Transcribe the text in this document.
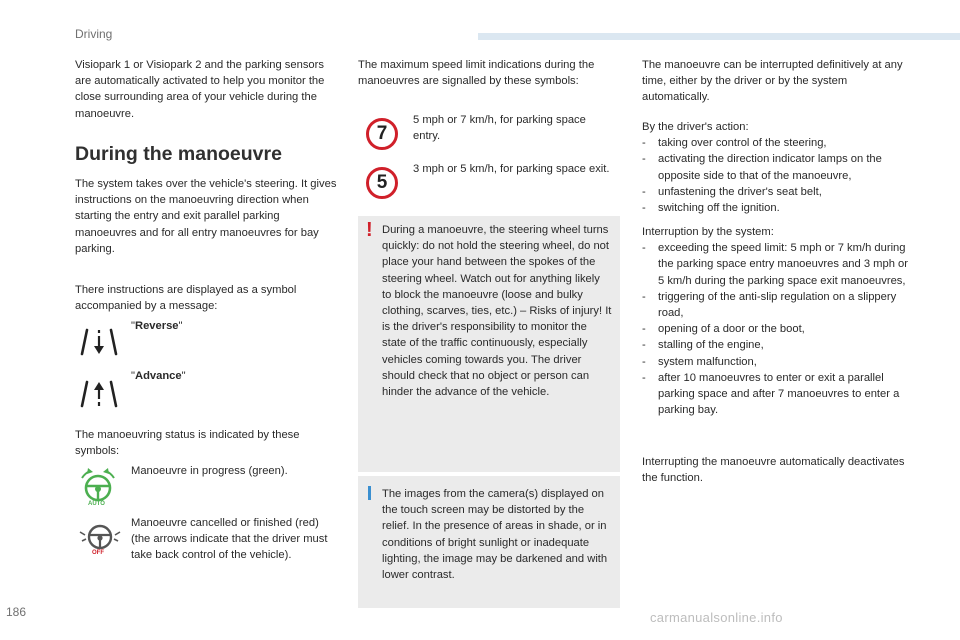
Driving

Visiopark 1 or Visiopark 2 and the parking sensors are automatically activated to help you monitor the close surrounding area of your vehicle during the manoeuvre.

During the manoeuvre

The system takes over the vehicle's steering. It gives instructions on the manoeuvring direction when starting the entry and exit parallel parking manoeuvres and for all entry manoeuvres for bay parking.

There instructions are displayed as a symbol accompanied by a message:

"Reverse"
"Advance"

The manoeuvring status is indicated by these symbols:

AUTO

Manoeuvre in progress (green).

OFF

Manoeuvre cancelled or finished (red) (the arrows indicate that the driver must take back control of the vehicle).

The maximum speed limit indications during the manoeuvres are signalled by these symbols:

7

5 mph or 7 km/h, for parking space entry.

5

3 mph or 5 km/h, for parking space exit.

! During a manoeuvre, the steering wheel turns quickly: do not hold the steering wheel, do not place your hand between the spokes of the steering wheel. Watch out for anything likely to block the manoeuvre (loose and bulky clothing, scarves, ties, etc.) – Risks of injury! It is the driver's responsibility to monitor the state of the traffic continuously, especially vehicles coming towards you. The driver should check that no object or person can hinder the advance of the vehicle.

The images from the camera(s) displayed on the touch screen may be distorted by the relief. In the presence of areas in shade, or in conditions of bright sunlight or inadequate lighting, the image may be darkened and with lower contrast.

The manoeuvre can be interrupted definitively at any time, either by the driver or by the system automatically.

By the driver's action:

- taking over control of the steering,
- activating the direction indicator lamps on the opposite side to that of the manoeuvre,
- unfastening the driver's seat belt,
- switching off the ignition.

Interruption by the system:

- exceeding the speed limit: 5 mph or 7 km/h during the parking space entry manoeuvres and 3 mph or 5 km/h during the parking space exit manoeuvres,
- triggering of the anti-slip regulation on a slippery road,
- opening of a door or the boot,
- stalling of the engine,
- system malfunction,
- after 10 manoeuvres to enter or exit a parallel parking space and after 7 manoeuvres to enter a parking bay.

Interrupting the manoeuvre automatically deactivates the function.

186	carmanualsonline.info
